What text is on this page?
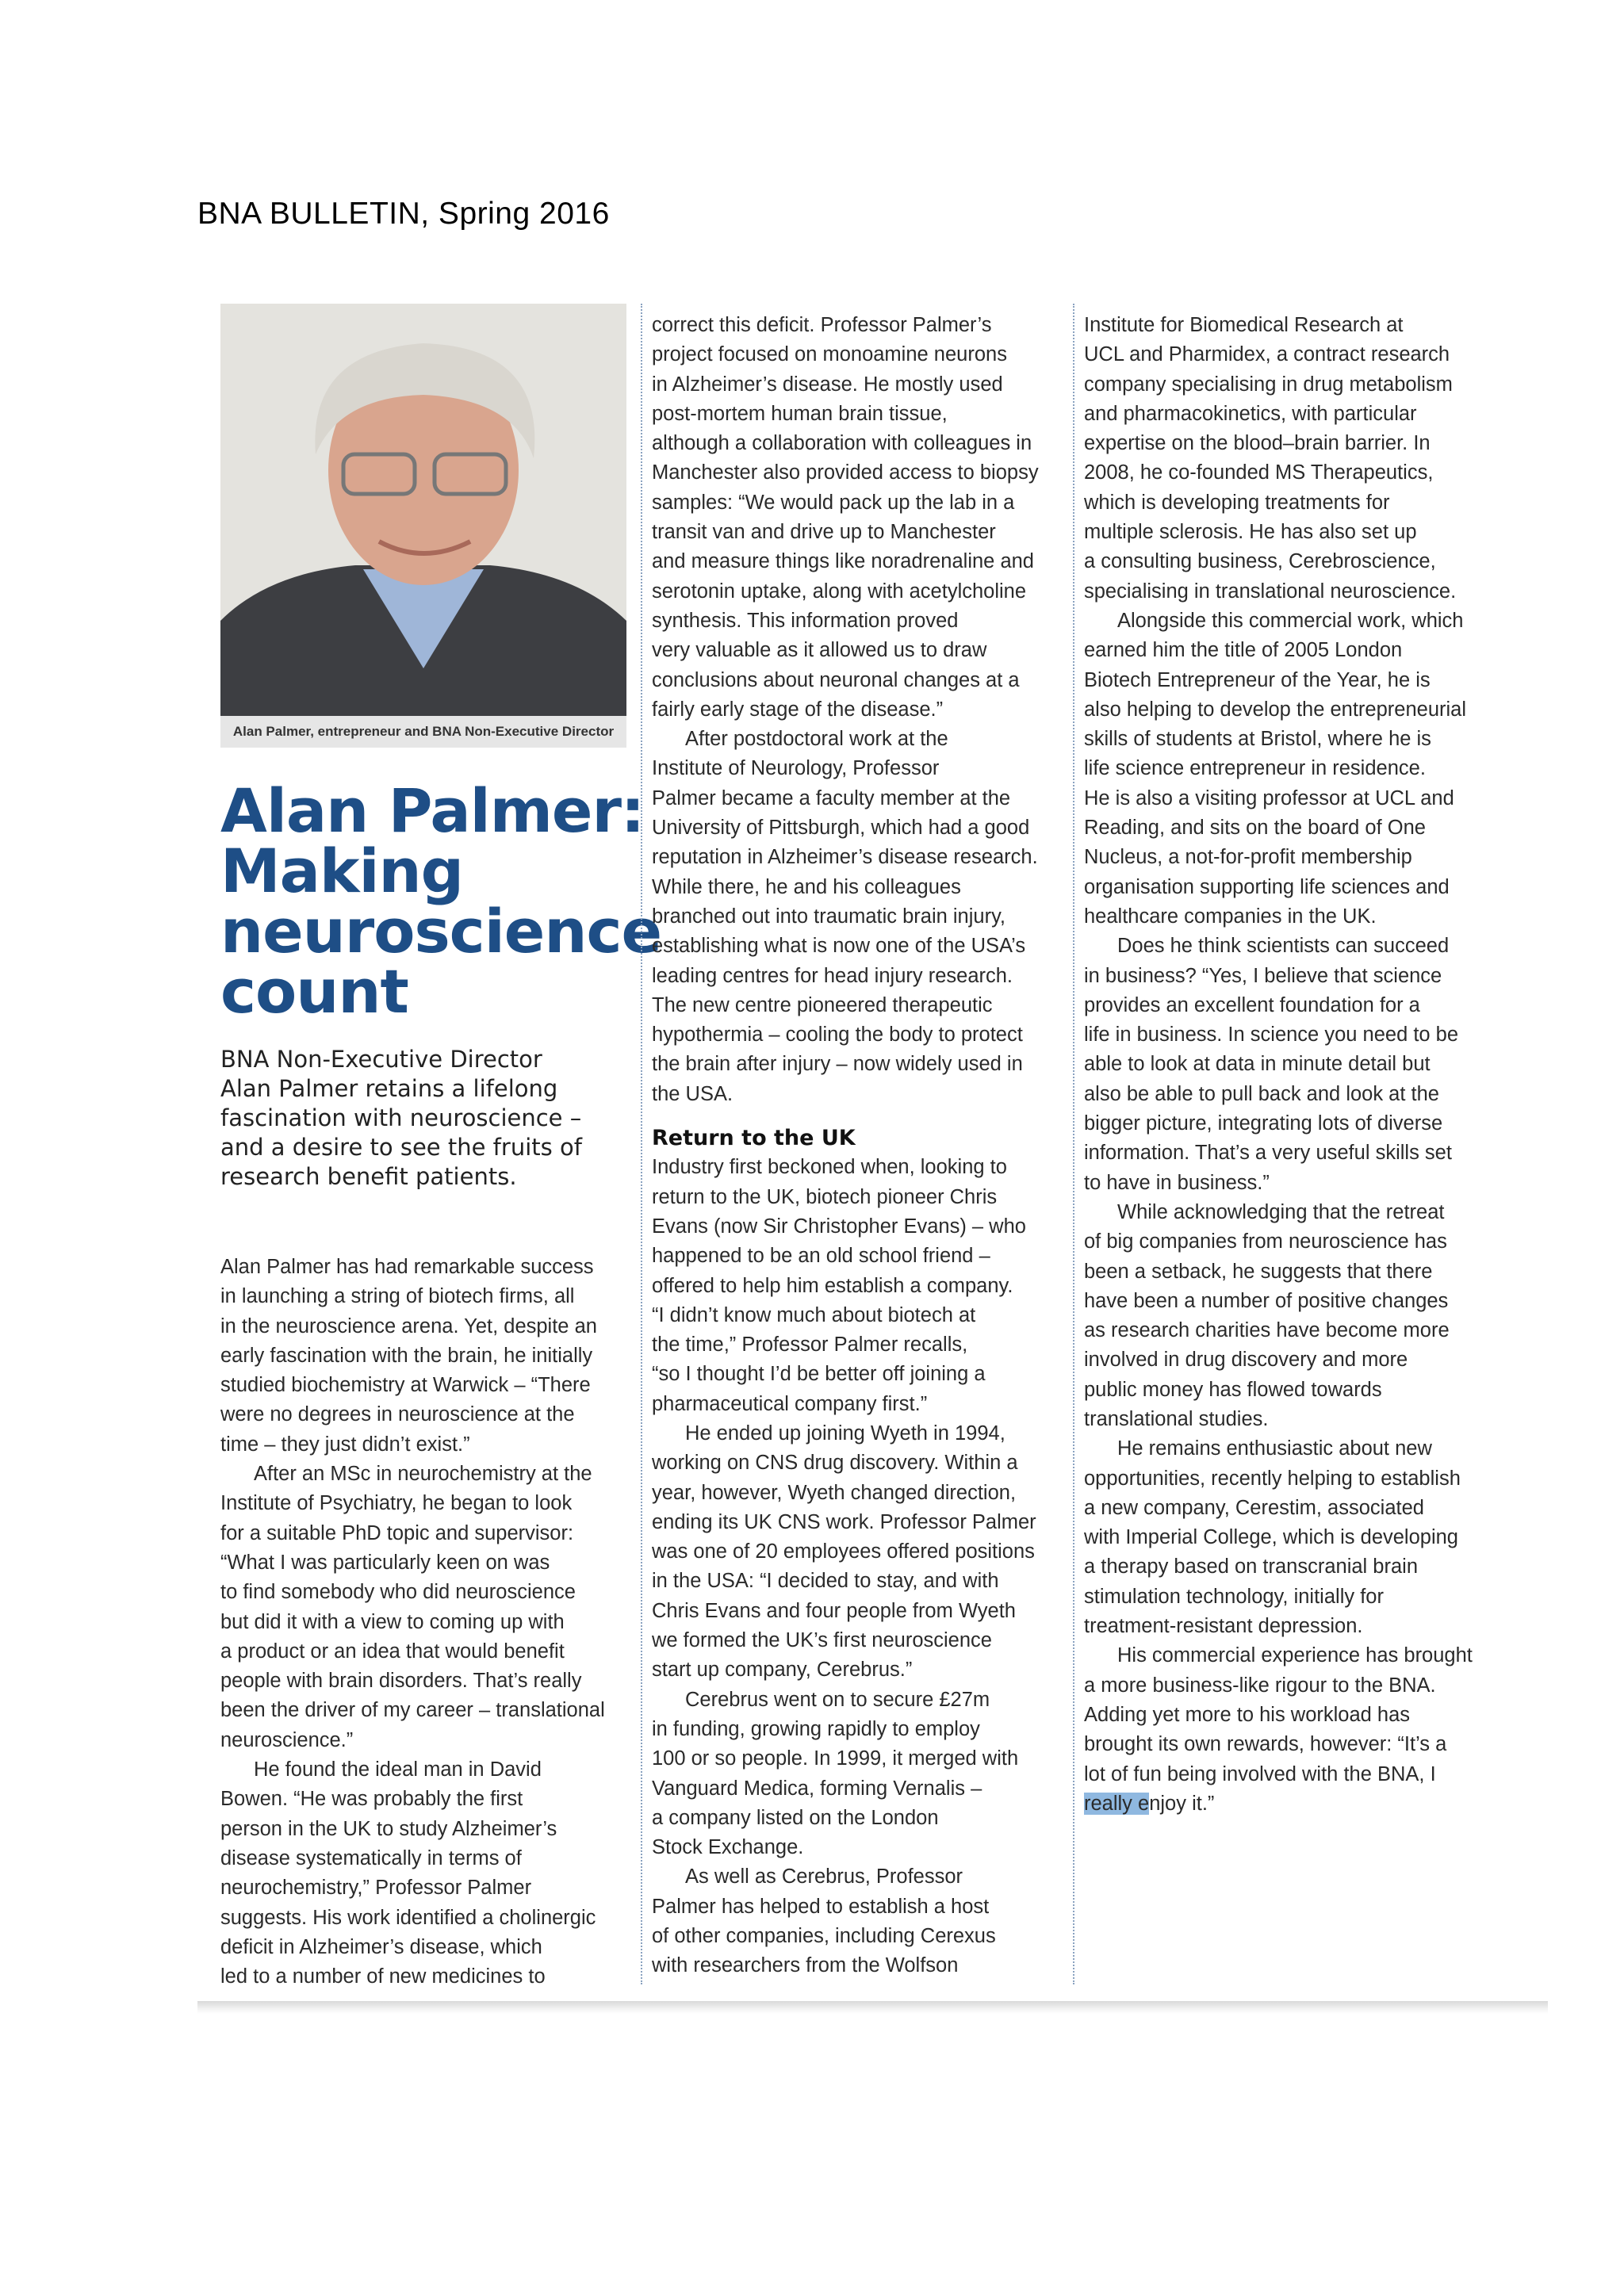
BNA BULLETIN, Spring 2016
Alan Palmer, entrepreneur and BNA Non-Executive Director
Alan Palmer:
Making
neuroscience
count
BNA Non-Executive Director
Alan Palmer retains a lifelong
fascination with neuroscience –
and a desire to see the fruits of
research benefit patients.
Alan Palmer has had remarkable success
in launching a string of biotech firms, all
in the neuroscience arena. Yet, despite an
early fascination with the brain, he initially
studied biochemistry at Warwick – “There
were no degrees in neuroscience at the
time – they just didn’t exist.”
After an MSc in neurochemistry at the
Institute of Psychiatry, he began to look
for a suitable PhD topic and supervisor:
“What I was particularly keen on was
to find somebody who did neuroscience
but did it with a view to coming up with
a product or an idea that would benefit
people with brain disorders. That’s really
been the driver of my career – translational
neuroscience.”
He found the ideal man in David
Bowen. “He was probably the first
person in the UK to study Alzheimer’s
disease systematically in terms of
neurochemistry,” Professor Palmer
suggests. His work identified a cholinergic
deficit in Alzheimer’s disease, which
led to a number of new medicines to
correct this deficit. Professor Palmer’s
project focused on monoamine neurons
in Alzheimer’s disease. He mostly used
post-mortem human brain tissue,
although a collaboration with colleagues in
Manchester also provided access to biopsy
samples: “We would pack up the lab in a
transit van and drive up to Manchester
and measure things like noradrenaline and
serotonin uptake, along with acetylcholine
synthesis. This information proved
very valuable as it allowed us to draw
conclusions about neuronal changes at a
fairly early stage of the disease.”
After postdoctoral work at the
Institute of Neurology, Professor
Palmer became a faculty member at the
University of Pittsburgh, which had a good
reputation in Alzheimer’s disease research.
While there, he and his colleagues
branched out into traumatic brain injury,
establishing what is now one of the USA’s
leading centres for head injury research.
The new centre pioneered therapeutic
hypothermia – cooling the body to protect
the brain after injury – now widely used in
the USA.
Return to the UK
Industry first beckoned when, looking to
return to the UK, biotech pioneer Chris
Evans (now Sir Christopher Evans) – who
happened to be an old school friend –
offered to help him establish a company.
“I didn’t know much about biotech at
the time,” Professor Palmer recalls,
“so I thought I’d be better off joining a
pharmaceutical company first.”
He ended up joining Wyeth in 1994,
working on CNS drug discovery. Within a
year, however, Wyeth changed direction,
ending its UK CNS work. Professor Palmer
was one of 20 employees offered positions
in the USA: “I decided to stay, and with
Chris Evans and four people from Wyeth
we formed the UK’s first neuroscience
start up company, Cerebrus.”
Cerebrus went on to secure £27m
in funding, growing rapidly to employ
100 or so people. In 1999, it merged with
Vanguard Medica, forming Vernalis –
a company listed on the London
Stock Exchange.
As well as Cerebrus, Professor
Palmer has helped to establish a host
of other companies, including Cerexus
with researchers from the Wolfson
Institute for Biomedical Research at
UCL and Pharmidex, a contract research
company specialising in drug metabolism
and pharmacokinetics, with particular
expertise on the blood–brain barrier. In
2008, he co-founded MS Therapeutics,
which is developing treatments for
multiple sclerosis. He has also set up
a consulting business, Cerebroscience,
specialising in translational neuroscience.
Alongside this commercial work, which
earned him the title of 2005 London
Biotech Entrepreneur of the Year, he is
also helping to develop the entrepreneurial
skills of students at Bristol, where he is
life science entrepreneur in residence.
He is also a visiting professor at UCL and
Reading, and sits on the board of One
Nucleus, a not-for-profit membership
organisation supporting life sciences and
healthcare companies in the UK.
Does he think scientists can succeed
in business? “Yes, I believe that science
provides an excellent foundation for a
life in business. In science you need to be
able to look at data in minute detail but
also be able to pull back and look at the
bigger picture, integrating lots of diverse
information. That’s a very useful skills set
to have in business.”
While acknowledging that the retreat
of big companies from neuroscience has
been a setback, he suggests that there
have been a number of positive changes
as research charities have become more
involved in drug discovery and more
public money has flowed towards
translational studies.
He remains enthusiastic about new
opportunities, recently helping to establish
a new company, Cerestim, associated
with Imperial College, which is developing
a therapy based on transcranial brain
stimulation technology, initially for
treatment-resistant depression.
His commercial experience has brought
a more business-like rigour to the BNA.
Adding yet more to his workload has
brought its own rewards, however: “It’s a
lot of fun being involved with the BNA, I
really enjoy it.”
